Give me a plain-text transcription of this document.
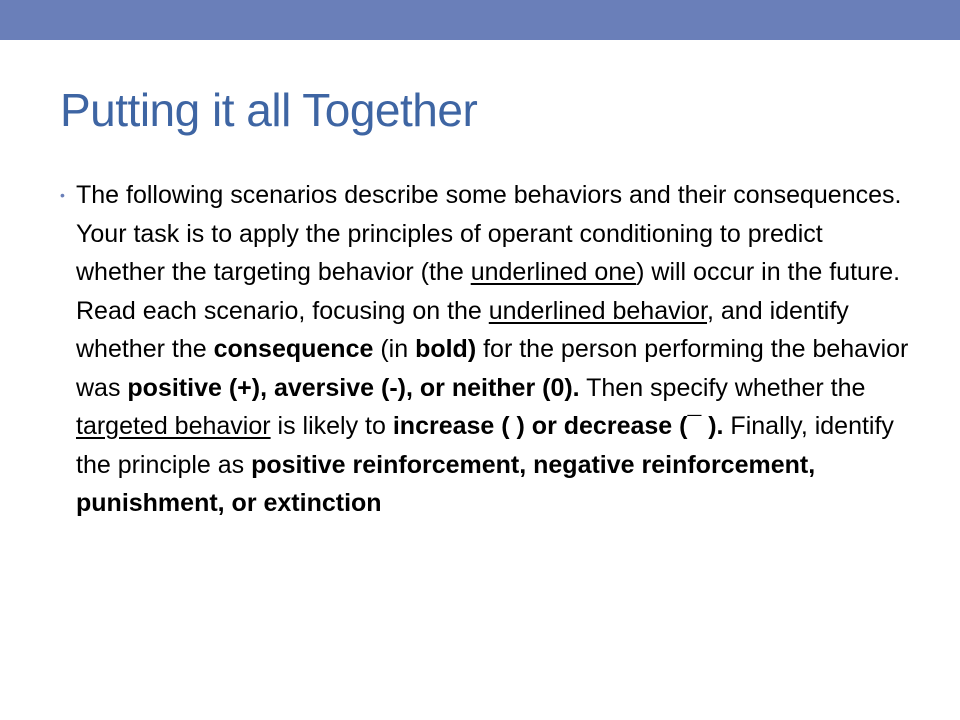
Putting it all Together
• The following scenarios describe some behaviors and their consequences. Your task is to apply the principles of operant conditioning to predict whether the targeting behavior (the underlined one) will occur in the future. Read each scenario, focusing on the underlined behavior, and identify whether the consequence (in bold) for the person performing the behavior was positive (+), aversive (-), or neither (0). Then specify whether the targeted behavior is likely to increase ( ) or decrease (¯ ). Finally, identify the principle as positive reinforcement, negative reinforcement, punishment, or extinction
